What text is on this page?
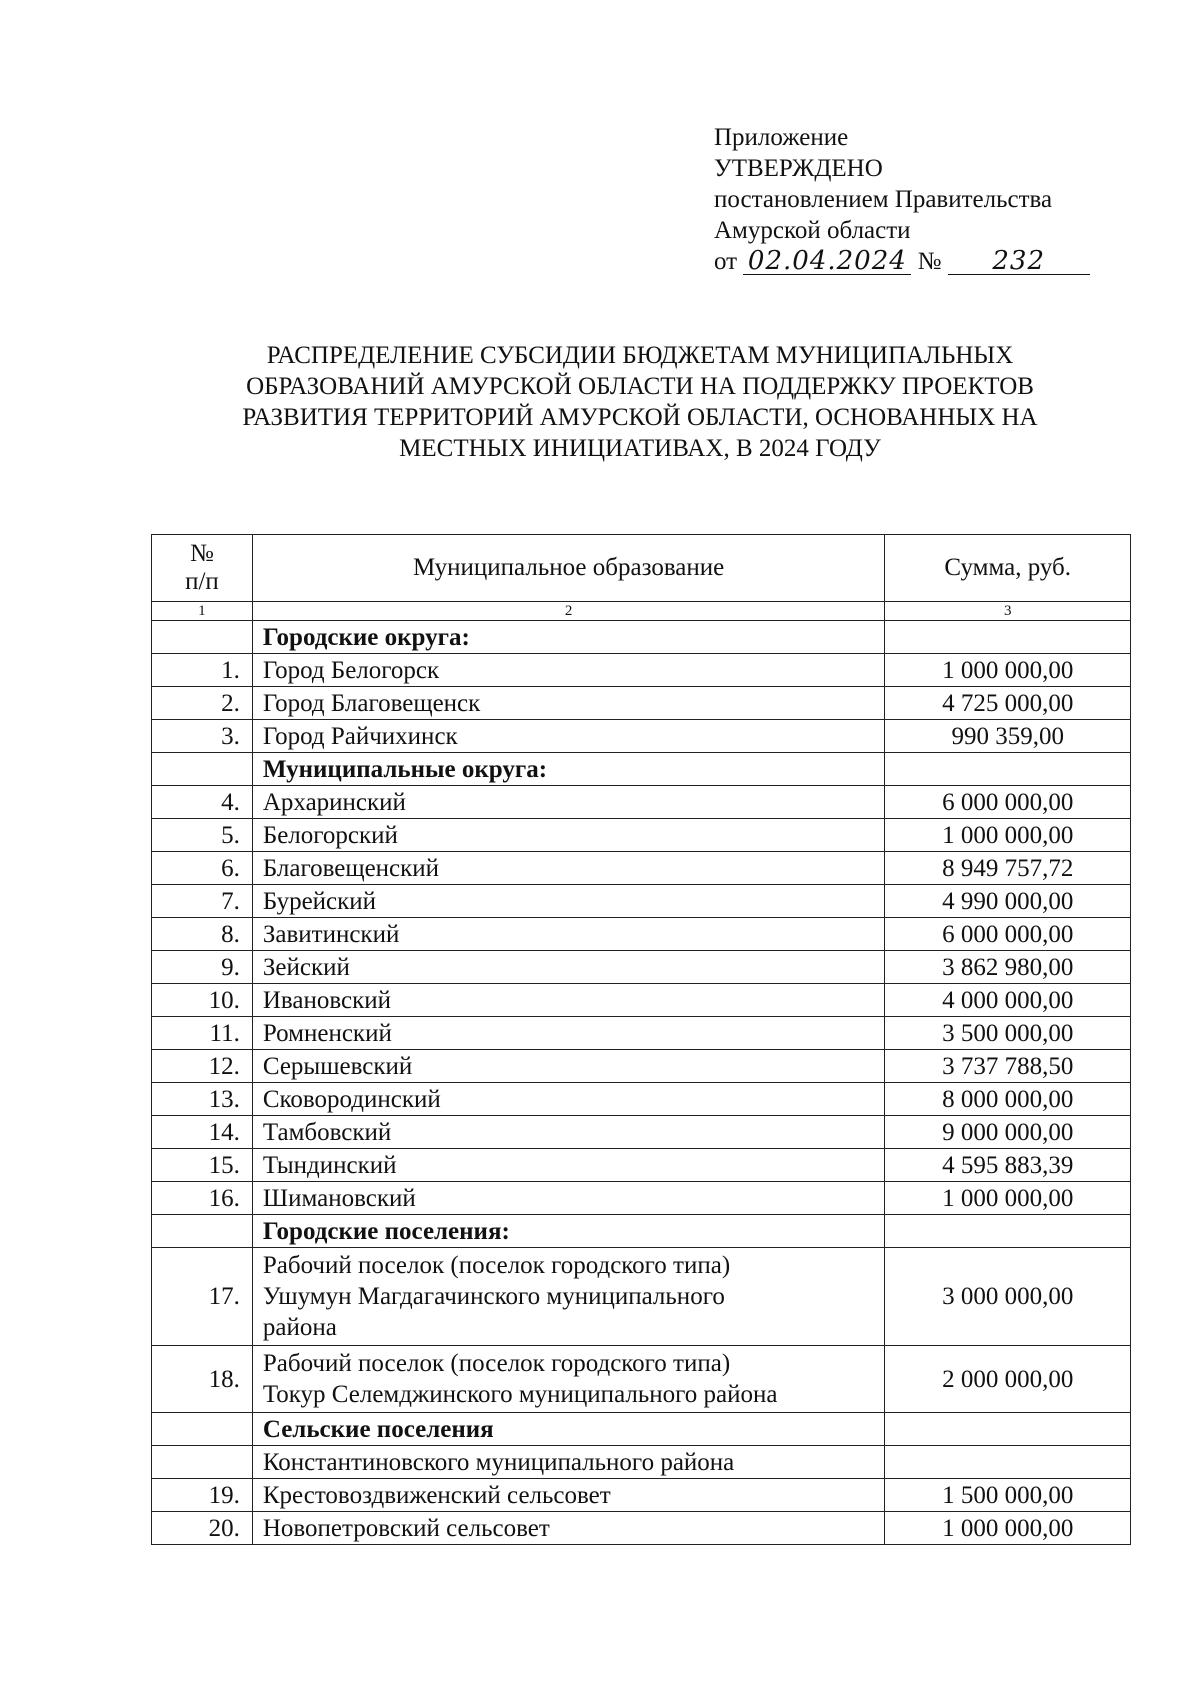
Приложение
УТВЕРЖДЕНО
постановлением Правительства
Амурской области
от 02.04.2024 № 232
РАСПРЕДЕЛЕНИЕ СУБСИДИИ БЮДЖЕТАМ МУНИЦИПАЛЬНЫХ
ОБРАЗОВАНИЙ АМУРСКОЙ ОБЛАСТИ НА ПОДДЕРЖКУ ПРОЕКТОВ
РАЗВИТИЯ ТЕРРИТОРИЙ АМУРСКОЙ ОБЛАСТИ, ОСНОВАННЫХ НА
МЕСТНЫХ ИНИЦИАТИВАХ, В 2024 ГОДУ
№
п/п	Муниципальное образование	Сумма, руб.
1	2	3
	Городские округа:	
1.	Город Белогорск	1 000 000,00
2.	Город Благовещенск	4 725 000,00
3.	Город Райчихинск	990 359,00
	Муниципальные округа:	
4.	Архаринский	6 000 000,00
5.	Белогорский	1 000 000,00
6.	Благовещенский	8 949 757,72
7.	Бурейский	4 990 000,00
8.	Завитинский	6 000 000,00
9.	Зейский	3 862 980,00
10.	Ивановский	4 000 000,00
11.	Ромненский	3 500 000,00
12.	Серышевский	3 737 788,50
13.	Сковородинский	8 000 000,00
14.	Тамбовский	9 000 000,00
15.	Тындинский	4 595 883,39
16.	Шимановский	1 000 000,00
	Городские поселения:	
17.	Рабочий поселок (поселок городского типа)
Ушумун Магдагачинского муниципального
района	3 000 000,00
18.	Рабочий поселок (поселок городского типа)
Токур Селемджинского муниципального района	2 000 000,00
	Сельские поселения	
	Константиновского муниципального района	
19.	Крестовоздвиженский сельсовет	1 500 000,00
20.	Новопетровский сельсовет	1 000 000,00
